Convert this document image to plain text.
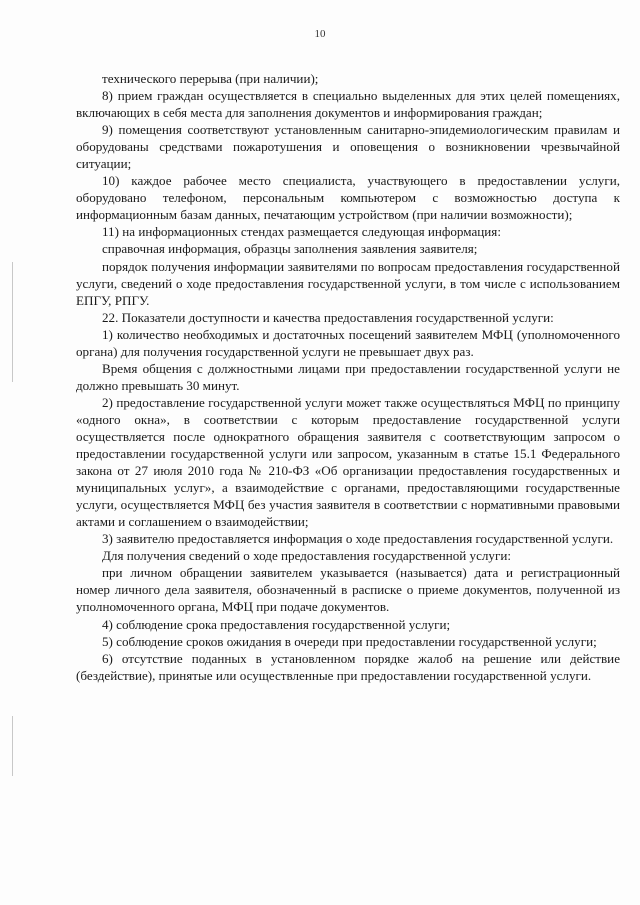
10

технического перерыва (при наличии);

8) прием граждан осуществляется в специально выделенных для этих целей помещениях, включающих в себя места для заполнения документов и информирования граждан;

9) помещения соответствуют установленным санитарно-эпидемиологическим правилам и оборудованы средствами пожаротушения и оповещения о возникновении чрезвычайной ситуации;

10) каждое рабочее место специалиста, участвующего в предоставлении услуги, оборудовано телефоном, персональным компьютером с возможностью доступа к информационным базам данных, печатающим устройством (при наличии возможности);

11) на информационных стендах размещается следующая информация:

справочная информация, образцы заполнения заявления заявителя;

порядок получения информации заявителями по вопросам предоставления государственной услуги, сведений о ходе предоставления государственной услуги, в том числе с использованием ЕПГУ, РПГУ.

22. Показатели доступности и качества предоставления государственной услуги:

1) количество необходимых и достаточных посещений заявителем МФЦ (уполномоченного органа) для получения государственной услуги не превышает двух раз.

Время общения с должностными лицами при предоставлении государственной услуги не должно превышать 30 минут.

2) предоставление государственной услуги может также осуществляться МФЦ по принципу «одного окна», в соответствии с которым предоставление государственной услуги осуществляется после однократного обращения заявителя с соответствующим запросом о предоставлении государственной услуги или запросом, указанным в статье 15.1 Федерального закона от 27 июля 2010 года № 210-ФЗ «Об организации предоставления государственных и муниципальных услуг», а взаимодействие с органами, предоставляющими государственные услуги, осуществляется МФЦ без участия заявителя в соответствии с нормативными правовыми актами и соглашением о взаимодействии;

3) заявителю предоставляется информация о ходе предоставления государственной услуги.

Для получения сведений о ходе предоставления государственной услуги:

при личном обращении заявителем указывается (называется) дата и регистрационный номер личного дела заявителя, обозначенный в расписке о приеме документов, полученной из уполномоченного органа, МФЦ при подаче документов.

4) соблюдение срока предоставления государственной услуги;

5) соблюдение сроков ожидания в очереди при предоставлении государственной услуги;

6) отсутствие поданных в установленном порядке жалоб на решение или действие (бездействие), принятые или осуществленные при предоставлении государственной услуги.
